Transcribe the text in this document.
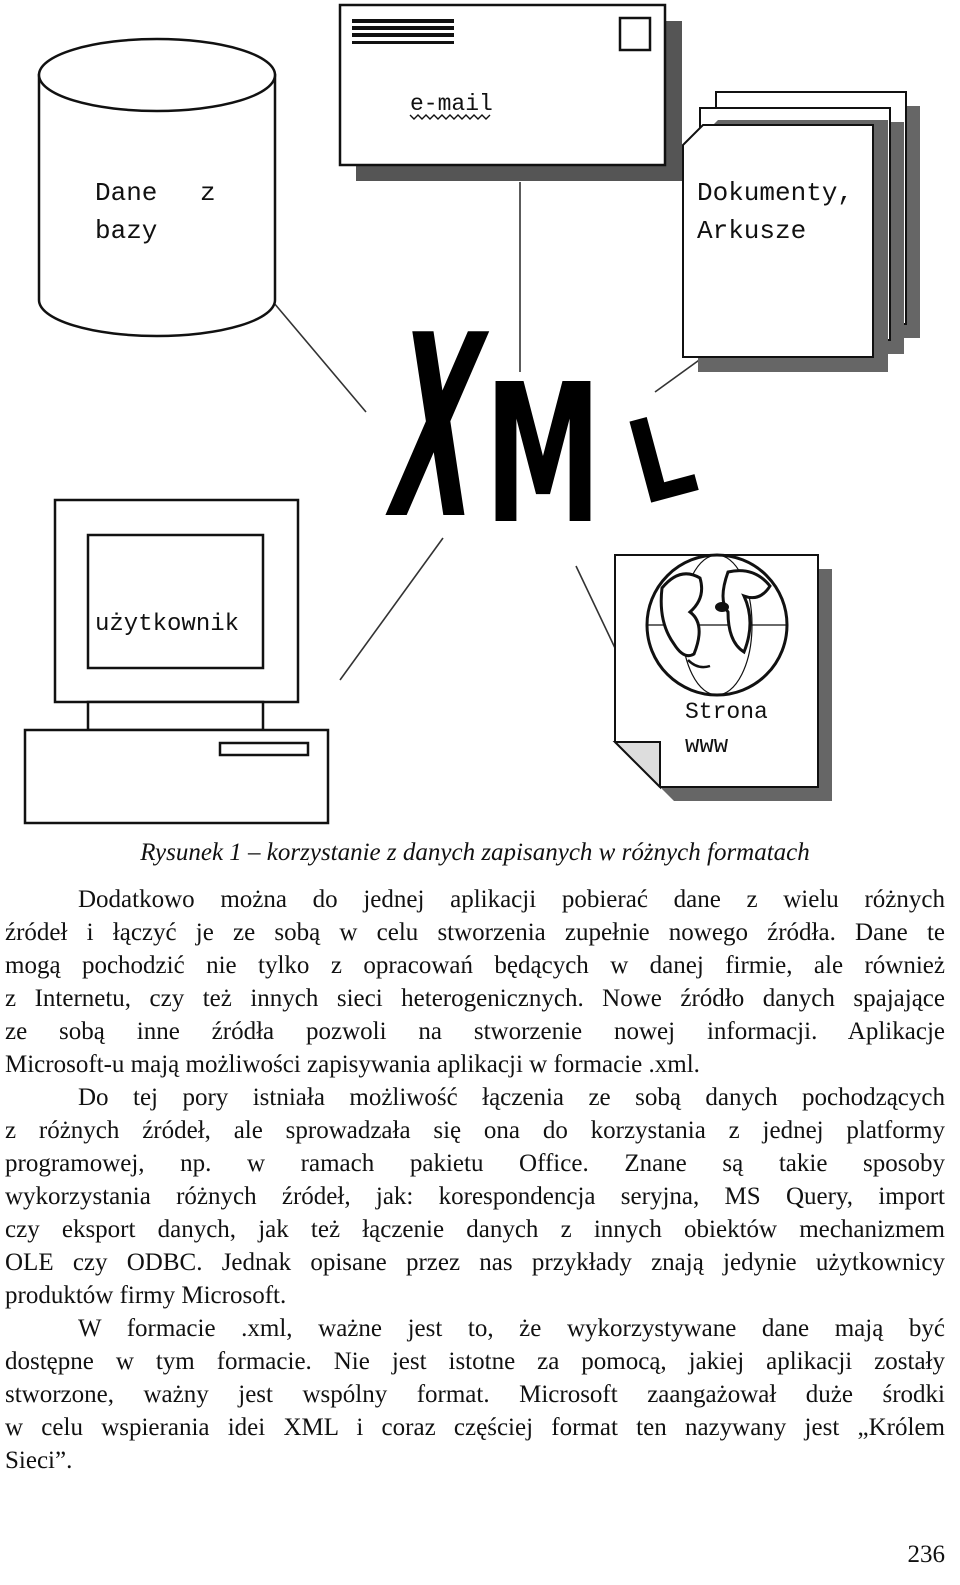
Dane z
bazy
e-mail
Dokumenty,
Arkusze
X
M L
użytkownik
Strona
www
Rysunek 1 – korzystanie z danych zapisanych w różnych formatach
Dodatkowo można do jednej aplikacji pobierać dane z wielu różnych
źródeł i łączyć je ze sobą w celu stworzenia zupełnie nowego źródła. Dane te
mogą pochodzić nie tylko z opracowań będących w danej firmie, ale również
z Internetu, czy też innych sieci heterogenicznych. Nowe źródło danych spajające
ze sobą inne źródła pozwoli na stworzenie nowej informacji. Aplikacje
Microsoft-u mają możliwości zapisywania aplikacji w formacie .xml.
Do tej pory istniała możliwość łączenia ze sobą danych pochodzących
z różnych źródeł, ale sprowadzała się ona do korzystania z jednej platformy
programowej, np. w ramach pakietu Office. Znane są takie sposoby
wykorzystania różnych źródeł, jak: korespondencja seryjna, MS Query, import
czy eksport danych, jak też łączenie danych z innych obiektów mechanizmem
OLE czy ODBC. Jednak opisane przez nas przykłady znają jedynie użytkownicy
produktów firmy Microsoft.
W formacie .xml, ważne jest to, że wykorzystywane dane mają być
dostępne w tym formacie. Nie jest istotne za pomocą, jakiej aplikacji zostały
stworzone, ważny jest wspólny format. Microsoft zaangażował duże środki
w celu wspierania idei XML i coraz częściej format ten nazywany jest „Królem
Sieci”.
236
